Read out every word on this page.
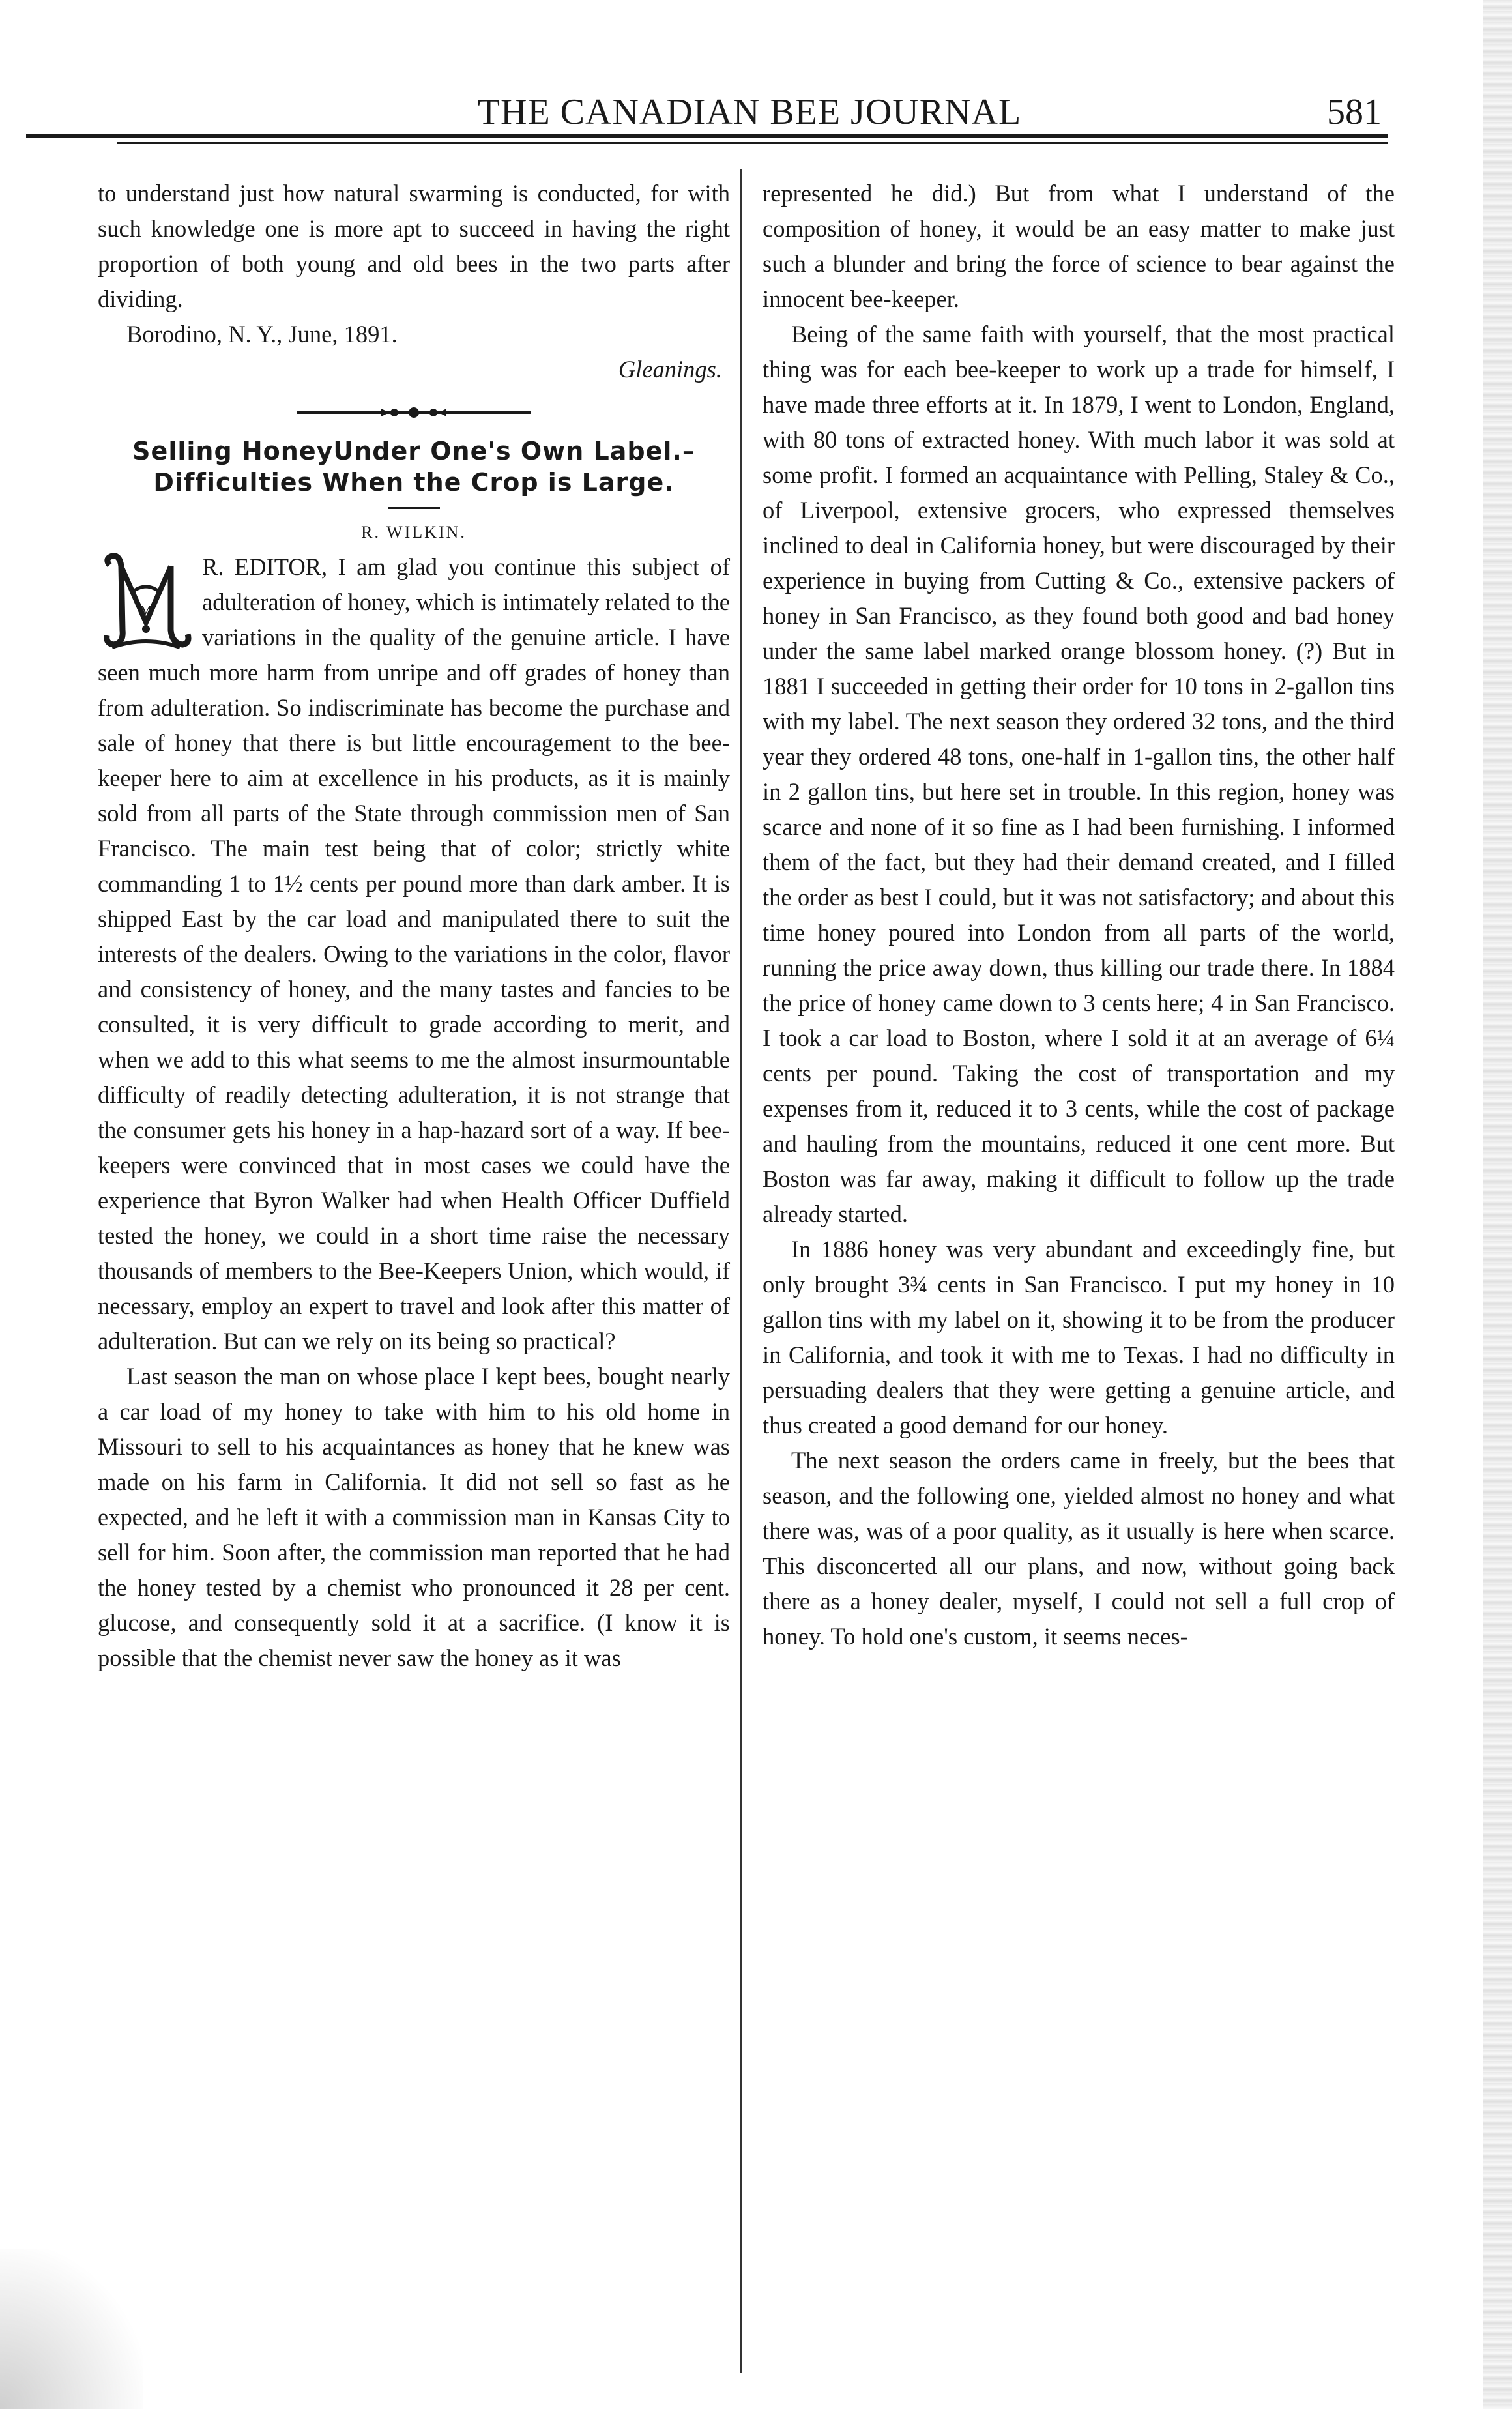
THE CANADIAN BEE JOURNAL	581

to understand just how natural swarming is conducted, for with such knowledge one is more apt to succeed in having the right proportion of both young and old bees in the two parts after dividing.

Borodino, N. Y., June, 1891.

Gleanings.

Selling HoneyUnder One's Own Label.– Difficulties When the Crop is Large.
R. WILKIN.
M

R. EDITOR, I am glad you continue this subject of adulteration of honey, which is intimately related to the variations in the quality of the genuine article. I have seen much more harm from unripe and off grades of honey than from adulteration. So indiscriminate has become the purchase and sale of honey that there is but little encouragement to the bee-keeper here to aim at excellence in his products, as it is mainly sold from all parts of the State through commission men of San Francisco. The main test being that of color; strictly white commanding 1 to 1½ cents per pound more than dark amber. It is shipped East by the car load and manipulated there to suit the interests of the dealers. Owing to the variations in the color, flavor and consistency of honey, and the many tastes and fancies to be consulted, it is very difficult to grade according to merit, and when we add to this what seems to me the almost insurmountable difficulty of readily detecting adulteration, it is not strange that the consumer gets his honey in a hap-hazard sort of a way. If bee-keepers were convinced that in most cases we could have the experience that Byron Walker had when Health Officer Duffield tested the honey, we could in a short time raise the necessary thousands of members to the Bee-Keepers Union, which would, if necessary, employ an expert to travel and look after this matter of adulteration. But can we rely on its being so practical?

Last season the man on whose place I kept bees, bought nearly a car load of my honey to take with him to his old home in Missouri to sell to his acquaintances as honey that he knew was made on his farm in California. It did not sell so fast as he expected, and he left it with a commission man in Kansas City to sell for him. Soon after, the commission man reported that he had the honey tested by a chemist who pronounced it 28 per cent. glucose, and consequently sold it at a sacrifice. (I know it is possible that the chemist never saw the honey as it was

represented he did.) But from what I understand of the composition of honey, it would be an easy matter to make just such a blunder and bring the force of science to bear against the innocent bee-keeper.

Being of the same faith with yourself, that the most practical thing was for each bee-keeper to work up a trade for himself, I have made three efforts at it. In 1879, I went to London, England, with 80 tons of extracted honey. With much labor it was sold at some profit. I formed an acquaintance with Pelling, Staley & Co., of Liverpool, extensive grocers, who expressed themselves inclined to deal in California honey, but were discouraged by their experience in buying from Cutting & Co., extensive packers of honey in San Francisco, as they found both good and bad honey under the same label marked orange blossom honey. (?) But in 1881 I succeeded in getting their order for 10 tons in 2-gallon tins with my label. The next season they ordered 32 tons, and the third year they ordered 48 tons, one-half in 1-gallon tins, the other half in 2 gallon tins, but here set in trouble. In this region, honey was scarce and none of it so fine as I had been furnishing. I informed them of the fact, but they had their demand created, and I filled the order as best I could, but it was not satisfactory; and about this time honey poured into London from all parts of the world, running the price away down, thus killing our trade there. In 1884 the price of honey came down to 3 cents here; 4 in San Francisco. I took a car load to Boston, where I sold it at an average of 6¼ cents per pound. Taking the cost of transportation and my expenses from it, reduced it to 3 cents, while the cost of package and hauling from the mountains, reduced it one cent more. But Boston was far away, making it difficult to follow up the trade already started.

In 1886 honey was very abundant and exceedingly fine, but only brought 3¾ cents in San Francisco. I put my honey in 10 gallon tins with my label on it, showing it to be from the producer in California, and took it with me to Texas. I had no difficulty in persuading dealers that they were getting a genuine article, and thus created a good demand for our honey.

The next season the orders came in freely, but the bees that season, and the following one, yielded almost no honey and what there was, was of a poor quality, as it usually is here when scarce. This disconcerted all our plans, and now, without going back there as a honey dealer, myself, I could not sell a full crop of honey. To hold one's custom, it seems neces-
